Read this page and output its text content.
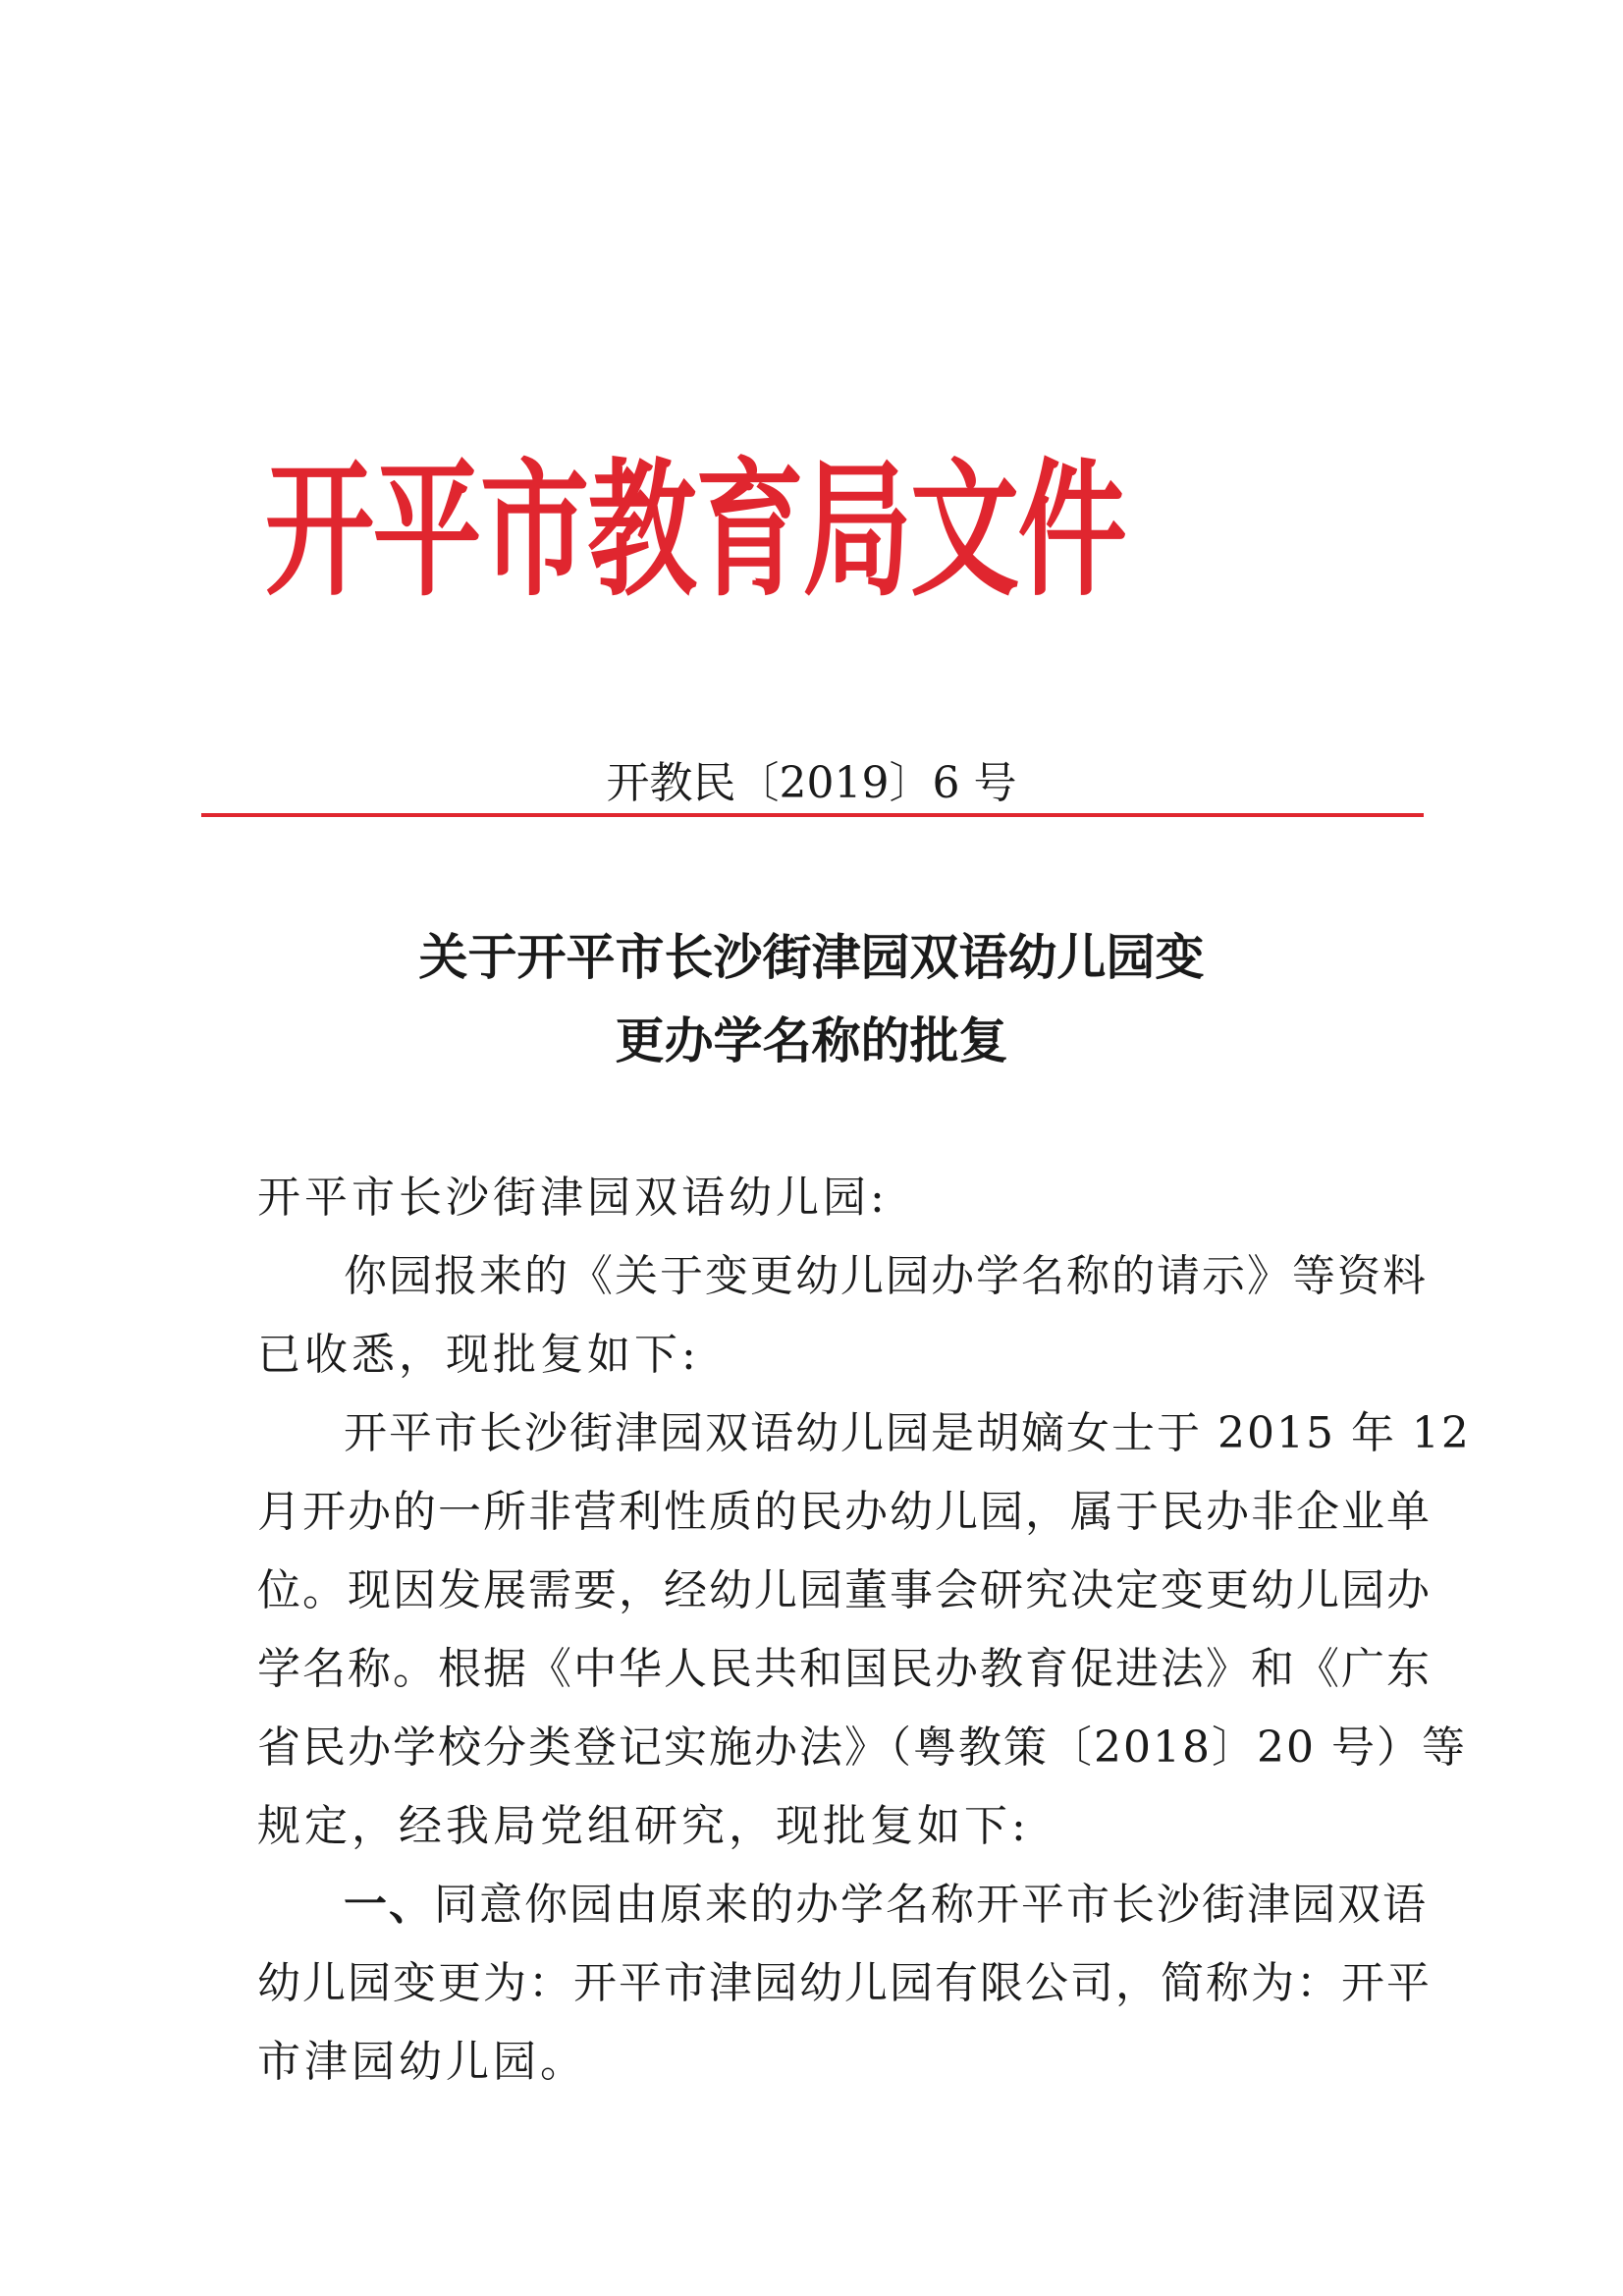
开平市教育局文件
开教民〔2019〕6 号
关于开平市长沙街津园双语幼儿园变
更办学名称的批复
开平市长沙街津园双语幼儿园:
你园报来的《关于变更幼儿园办学名称的请示》等资料
已收悉，现批复如下:
开平市长沙街津园双语幼儿园是胡嫡女士于 2015 年 12
月开办的一所非营利性质的民办幼儿园，属于民办非企业单
位。现因发展需要，经幼儿园董事会研究决定变更幼儿园办
学名称。根据《中华人民共和国民办教育促进法》和《广东
省民办学校分类登记实施办法》（粤教策〔2018〕20 号）等
规定，经我局党组研究，现批复如下:
一、同意你园由原来的办学名称开平市长沙街津园双语
幼儿园变更为：开平市津园幼儿园有限公司，简称为：开平
市津园幼儿园。
